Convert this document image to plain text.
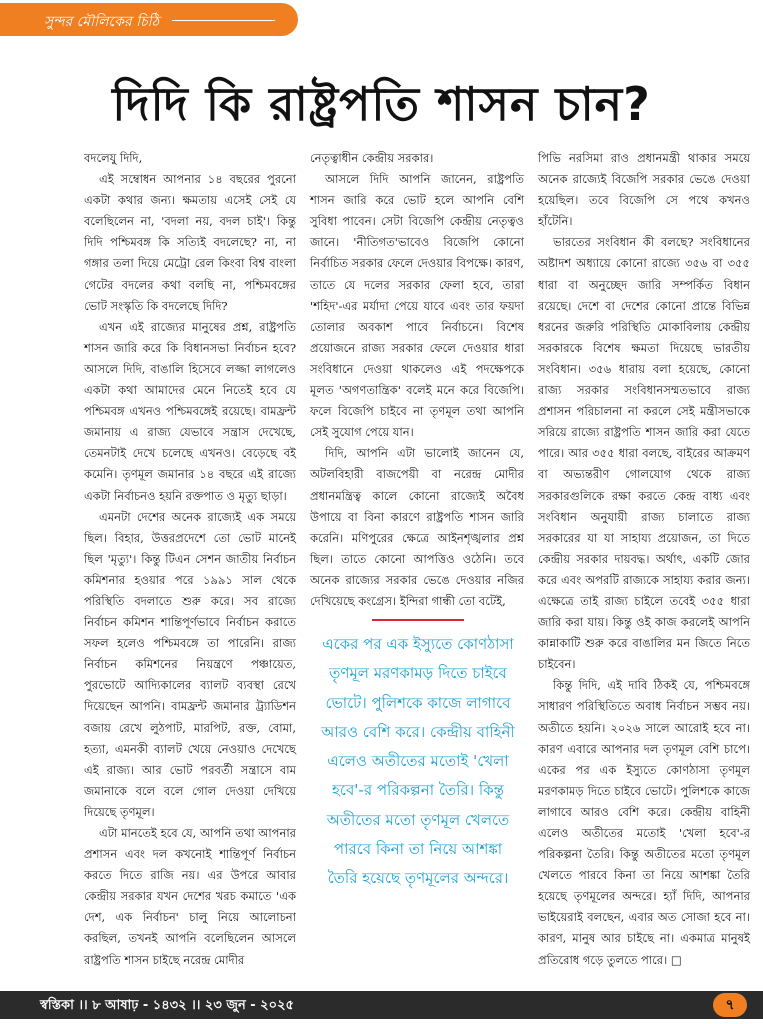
সুন্দর মৌলিকের চিঠি
দিদি কি রাষ্ট্রপতি শাসন চান?

বদলেযু দিদি,

এই সম্বোধন আপনার ১৪ বছরের পুরনো একটা কথার জন্য। ক্ষমতায় এসেই সেই যে বলেছিলেন না, 'বদলা নয়, বদল চাই'। কিন্তু দিদি পশ্চিমবঙ্গ কি সত্যিই বদলেছে? না, না গঙ্গার তলা দিয়ে মেট্রো রেল কিংবা বিশ্ব বাংলা গেটের বদলের কথা বলছি না, পশ্চিমবঙ্গের ভোট সংস্কৃতি কি বদলেছে দিদি?

এখন এই রাজ্যের মানুষের প্রশ্ন, রাষ্ট্রপতি শাসন জারি করে কি বিধানসভা নির্বাচন হবে? আসলে দিদি, বাঙালি হিসেবে লজ্জা লাগলেও একটা কথা আমাদের মেনে নিতেই হবে যে পশ্চিমবঙ্গ এখনও পশ্চিমবঙ্গেই রয়েছে। বামফ্রন্ট জমানায় এ রাজ্য যেভাবে সন্ত্রাস দেখেছে, তেমনটাই দেখে চলেছে এখনও। বেড়েছে বই কমেনি। তৃণমূল জমানার ১৪ বছরে এই রাজ্যে একটা নির্বাচনও হয়নি রক্তপাত ও মৃত্যু ছাড়া।

এমনটা দেশের অনেক রাজ্যেই এক সময়ে ছিল। বিহার, উত্তরপ্রদেশে তো ভোট মানেই ছিল 'মৃত্যু'। কিন্তু টিএন সেশন জাতীয় নির্বাচন কমিশনার হওয়ার পরে ১৯৯১ সাল থেকে পরিস্থিতি বদলাতে শুরু করে। সব রাজ্যে নির্বাচন কমিশন শান্তিপূর্ণভাবে নির্বাচন করাতে সফল হলেও পশ্চিমবঙ্গে তা পারেনি। রাজ্য নির্বাচন কমিশনের নিয়ন্ত্রণে পঞ্চায়েত, পুরভোটে আদ্যিকালের ব্যালট ব্যবস্থা রেখে দিয়েছেন আপনি। বামফ্রন্ট জমানার ট্র্যাডিশন বজায় রেখে লুঠপাট, মারপিট, রক্ত, বোমা, হত্যা, এমনকী ব্যালট খেয়ে নেওয়াও দেখেছে এই রাজ্য। আর ভোট পরবর্তী সন্ত্রাসে বাম জমানাকে বলে বলে গোল দেওয়া দেখিয়ে দিয়েছে তৃণমূল।

এটা মানতেই হবে যে, আপনি তথা আপনার প্রশাসন এবং দল কখনোই শান্তিপূর্ণ নির্বাচন করতে দিতে রাজি নয়। এর উপরে আবার কেন্দ্রীয় সরকার যখন দেশের খরচ কমাতে 'এক দেশ, এক নির্বাচন' চালু নিয়ে আলোচনা করছিল, তখনই আপনি বলেছিলেন আসলে রাষ্ট্রপতি শাসন চাইছে নরেন্দ্র মোদীর

নেতৃত্বাধীন কেন্দ্রীয় সরকার।

আসলে দিদি আপনি জানেন, রাষ্ট্রপতি শাসন জারি করে ভোট হলে আপনি বেশি সুবিধা পাবেন। সেটা বিজেপি কেন্দ্রীয় নেতৃত্বও জানে। 'নীতিগত'ভাবেও বিজেপি কোনো নির্বাচিত সরকার ফেলে দেওয়ার বিপক্ষে। কারণ, তাতে যে দলের সরকার ফেলা হবে, তারা 'শহিদ'-এর মর্যাদা পেয়ে যাবে এবং তার ফয়দা তোলার অবকাশ পাবে নির্বাচনে। বিশেষ প্রয়োজনে রাজ্য সরকার ফেলে দেওয়ার ধারা সংবিধানে দেওয়া থাকলেও এই পদক্ষেপকে মূলত 'অগণতান্ত্রিক' বলেই মনে করে বিজেপি। ফলে বিজেপি চাইবে না তৃণমূল তথা আপনি সেই সুযোগ পেয়ে যান।

দিদি, আপনি এটা ভালোই জানেন যে, অটলবিহারী বাজপেয়ী বা নরেন্দ্র মোদীর প্রধানমন্ত্রিত্ব কালে কোনো রাজ্যেই অবৈধ উপায়ে বা বিনা কারণে রাষ্ট্রপতি শাসন জারি করেনি। মণিপুরের ক্ষেত্রে আইনশৃঙ্খলার প্রশ্ন ছিল। তাতে কোনো আপত্তিও ওঠেনি। তবে অনেক রাজ্যের সরকার ভেঙে দেওয়ার নজির দেখিয়েছে কংগ্রেস। ইন্দিরা গান্ধী তো বটেই,

একের পর এক ইস্যুতে কোণঠাসা তৃণমূল মরণকামড় দিতে চাইবে ভোটে। পুলিশকে কাজে লাগাবে আরও বেশি করে। কেন্দ্রীয় বাহিনী এলেও অতীতের মতোই 'খেলা হবে'-র পরিকল্পনা তৈরি। কিন্তু অতীতের মতো তৃণমূল খেলতে পারবে কিনা তা নিয়ে আশঙ্কা তৈরি হয়েছে তৃণমূলের অন্দরে।

পিভি নরসিমা রাও প্রধানমন্ত্রী থাকার সময়ে অনেক রাজ্যেই বিজেপি সরকার ভেঙে দেওয়া হয়েছিল। তবে বিজেপি সে পথে কখনও হাঁটেনি।

ভারতের সংবিধান কী বলছে? সংবিধানের অষ্টাদশ অধ্যায়ে কোনো রাজ্যে ৩৫৬ বা ৩৫৫ ধারা বা অনুচ্ছেদ জারি সম্পর্কিত বিধান রয়েছে। দেশে বা দেশের কোনো প্রান্তে বিভিন্ন ধরনের জরুরি পরিস্থিতি মোকাবিলায় কেন্দ্রীয় সরকারকে বিশেষ ক্ষমতা দিয়েছে ভারতীয় সংবিধান। ৩৫৬ ধারায় বলা হয়েছে, কোনো রাজ্য সরকার সংবিধানসম্মতভাবে রাজ্য প্রশাসন পরিচালনা না করলে সেই মন্ত্রীসভাকে সরিয়ে রাজ্যে রাষ্ট্রপতি শাসন জারি করা যেতে পারে। আর ৩৫৫ ধারা বলছে, বাইরের আক্রমণ বা অভ্যন্তরীণ গোলযোগ থেকে রাজ্য সরকারগুলিকে রক্ষা করতে কেন্দ্র বাধ্য এবং সংবিধান অনুযায়ী রাজ্য চালাতে রাজ্য সরকারের যা যা সাহায্য প্রয়োজন, তা দিতে কেন্দ্রীয় সরকার দায়বদ্ধ। অর্থাৎ, একটি জোর করে এবং অপরটি রাজ্যকে সাহায্য করার জন্য। এক্ষেত্রে তাই রাজ্য চাইলে তবেই ৩৫৫ ধারা জারি করা যায়। কিন্তু ওই কাজ করলেই আপনি কান্নাকাটি শুরু করে বাঙালির মন জিতে নিতে চাইবেন।

কিন্তু দিদি, এই দাবি ঠিকই যে, পশ্চিমবঙ্গে সাধারণ পরিস্থিতিতে অবাধ নির্বাচন সম্ভব নয়। অতীতে হয়নি। ২০২৬ সালে আরোই হবে না। কারণ এবারে আপনার দল তৃণমূল বেশি চাপে। একের পর এক ইস্যুতে কোণঠাসা তৃণমূল মরণকামড় দিতে চাইবে ভোটে। পুলিশকে কাজে লাগাবে আরও বেশি করে। কেন্দ্রীয় বাহিনী এলেও অতীতের মতোই 'খেলা হবে'-র পরিকল্পনা তৈরি। কিন্তু অতীতের মতো তৃণমূল খেলতে পারবে কিনা তা নিয়ে আশঙ্কা তৈরি হয়েছে তৃণমূলের অন্দরে। হ্যাঁ দিদি, আপনার ভাইয়েরাই বলছেন, এবার অত সোজা হবে না। কারণ, মানুষ আর চাইছে না। একমাত্র মানুষই প্রতিরোধ গড়ে তুলতে পারে। □

স্বস্তিকা ।। ৮ আষাঢ় - ১৪৩২ ।। ২৩ জুন - ২০২৫	৭
